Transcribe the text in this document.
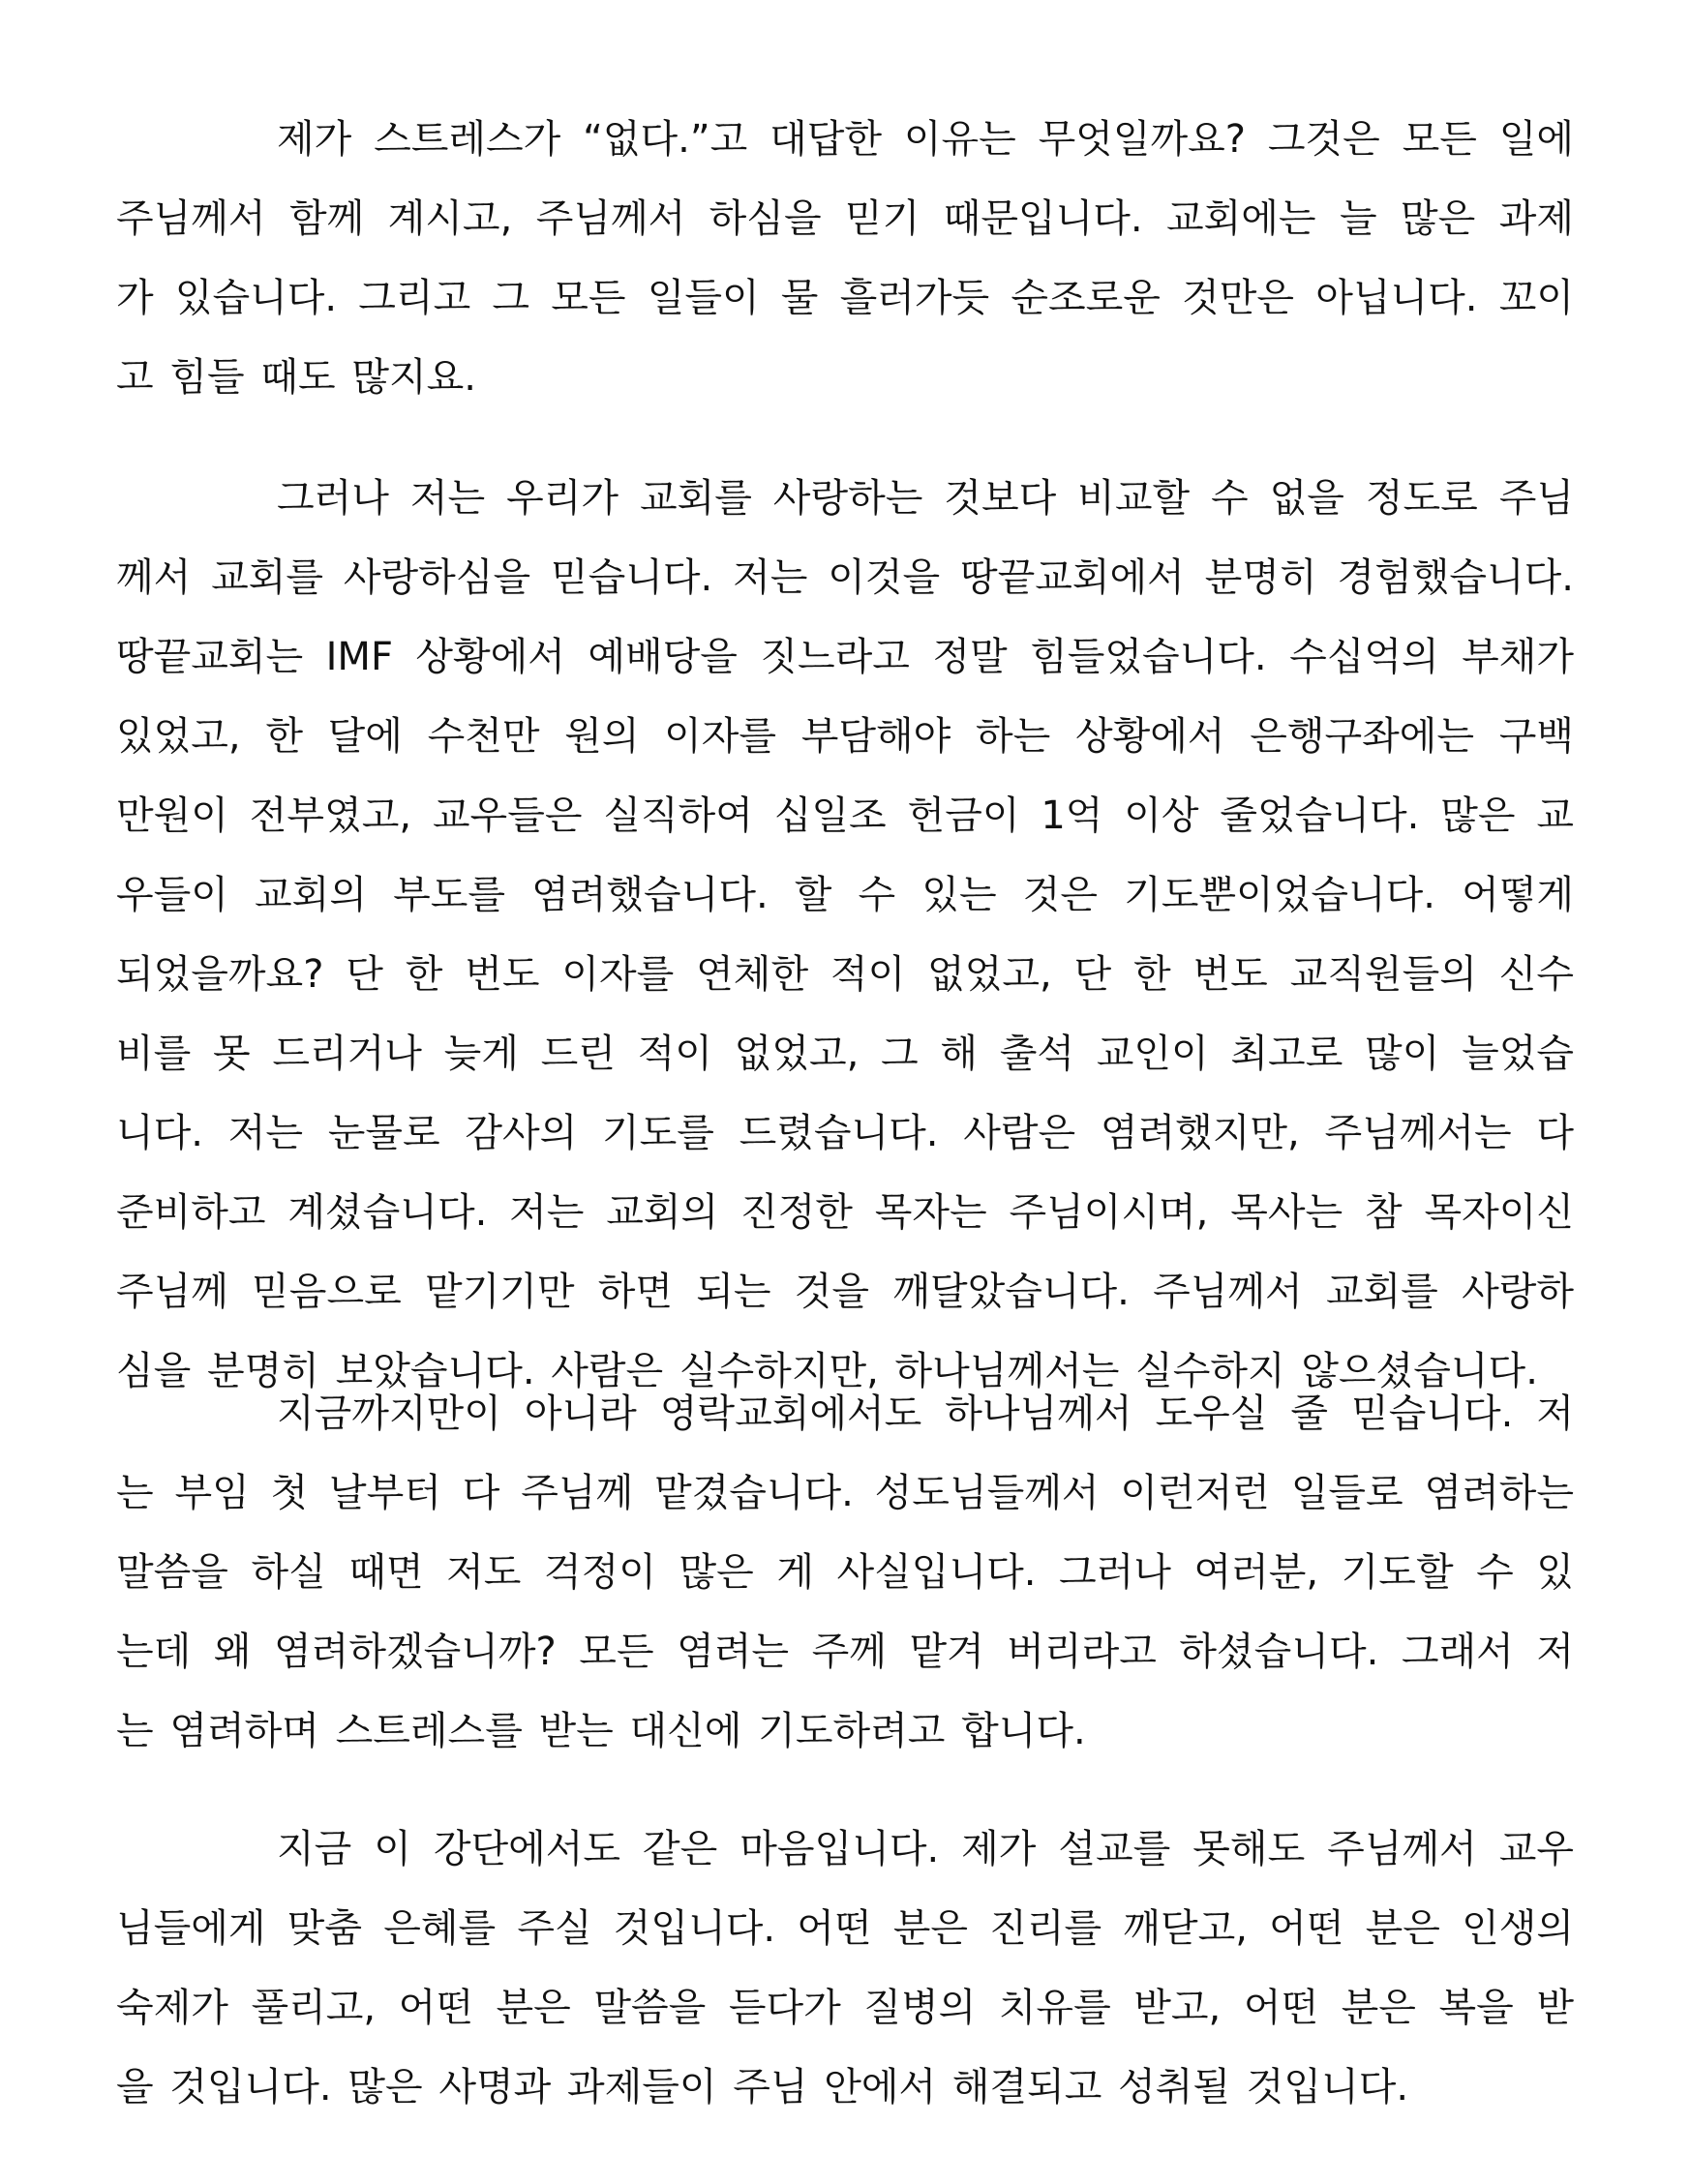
제가 스트레스가 “없다.”고 대답한 이유는 무엇일까요? 그것은 모든 일에
주님께서 함께 계시고, 주님께서 하심을 믿기 때문입니다. 교회에는 늘 많은 과제
가 있습니다. 그리고 그 모든 일들이 물 흘러가듯 순조로운 것만은 아닙니다. 꼬이
고 힘들 때도 많지요.
그러나 저는 우리가 교회를 사랑하는 것보다 비교할 수 없을 정도로 주님
께서 교회를 사랑하심을 믿습니다. 저는 이것을 땅끝교회에서 분명히 경험했습니다.
땅끝교회는 IMF 상황에서 예배당을 짓느라고 정말 힘들었습니다. 수십억의 부채가
있었고, 한 달에 수천만 원의 이자를 부담해야 하는 상황에서 은행구좌에는 구백
만원이 전부였고, 교우들은 실직하여 십일조 헌금이 1억 이상 줄었습니다. 많은 교
우들이 교회의 부도를 염려했습니다. 할 수 있는 것은 기도뿐이었습니다. 어떻게
되었을까요? 단 한 번도 이자를 연체한 적이 없었고, 단 한 번도 교직원들의 신수
비를 못 드리거나 늦게 드린 적이 없었고, 그 해 출석 교인이 최고로 많이 늘었습
니다. 저는 눈물로 감사의 기도를 드렸습니다. 사람은 염려했지만, 주님께서는 다
준비하고 계셨습니다. 저는 교회의 진정한 목자는 주님이시며, 목사는 참 목자이신
주님께 믿음으로 맡기기만 하면 되는 것을 깨달았습니다. 주님께서 교회를 사랑하
심을 분명히 보았습니다. 사람은 실수하지만, 하나님께서는 실수하지 않으셨습니다.
지금까지만이 아니라 영락교회에서도 하나님께서 도우실 줄 믿습니다. 저
는 부임 첫 날부터 다 주님께 맡겼습니다. 성도님들께서 이런저런 일들로 염려하는
말씀을 하실 때면 저도 걱정이 많은 게 사실입니다. 그러나 여러분, 기도할 수 있
는데 왜 염려하겠습니까? 모든 염려는 주께 맡겨 버리라고 하셨습니다. 그래서 저
는 염려하며 스트레스를 받는 대신에 기도하려고 합니다.
지금 이 강단에서도 같은 마음입니다. 제가 설교를 못해도 주님께서 교우
님들에게 맞춤 은혜를 주실 것입니다. 어떤 분은 진리를 깨닫고, 어떤 분은 인생의
숙제가 풀리고, 어떤 분은 말씀을 듣다가 질병의 치유를 받고, 어떤 분은 복을 받
을 것입니다. 많은 사명과 과제들이 주님 안에서 해결되고 성취될 것입니다.
